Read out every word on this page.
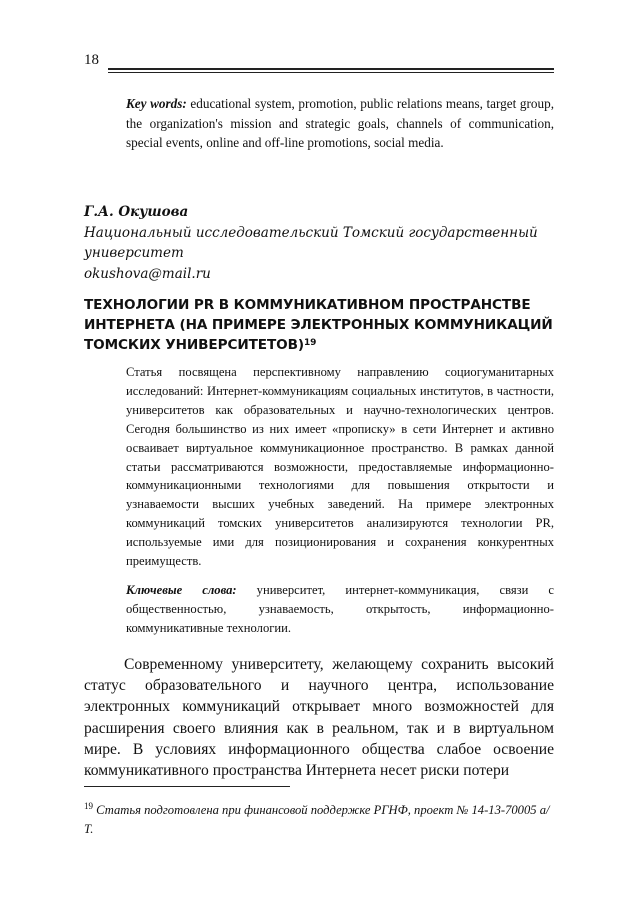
18

Key words: educational system, promotion, public relations means, target group, the organization's mission and strategic goals, channels of communication, special events, online and off-line promotions, social media.

Г.А. Окушова
Национальный исследовательский Томский государственный университет
okushova@mail.ru
ТЕХНОЛОГИИ PR В КОММУНИКАТИВНОМ ПРОСТРАНСТВЕ ИНТЕРНЕТА (НА ПРИМЕРЕ ЭЛЕКТРОННЫХ КОММУНИКАЦИЙ ТОМСКИХ УНИВЕРСИТЕТОВ)$^{19}$

Статья посвящена перспективному направлению социогуманитарных исследований: Интернет-коммуникациям социальных институтов, в частности, университетов как образовательных и научно-технологических центров. Сегодня большинство из них имеет «прописку» в сети Интернет и активно осваивает виртуальное коммуникационное пространство. В рамках данной статьи рассматриваются возможности, предоставляемые информационно-коммуникационными технологиями для повышения открытости и узнаваемости высших учебных заведений. На примере электронных коммуникаций томских университетов анализируются технологии PR, используемые ими для позиционирования и сохранения конкурентных преимуществ.

Ключевые слова: университет, интернет-коммуникация, связи с общественностью, узнаваемость, открытость, информационно-коммуникативные технологии.

Современному университету, желающему сохранить высокий статус образовательного и научного центра, использование электронных коммуникаций открывает много возможностей для расширения своего влияния как в реальном, так и в виртуальном мире. В условиях информационного общества слабое освоение коммуникативного пространства Интернета несет риски потери

$^{19}$ Статья подготовлена при финансовой поддержке РГНФ, проект № 14-13-70005 а/Т.
